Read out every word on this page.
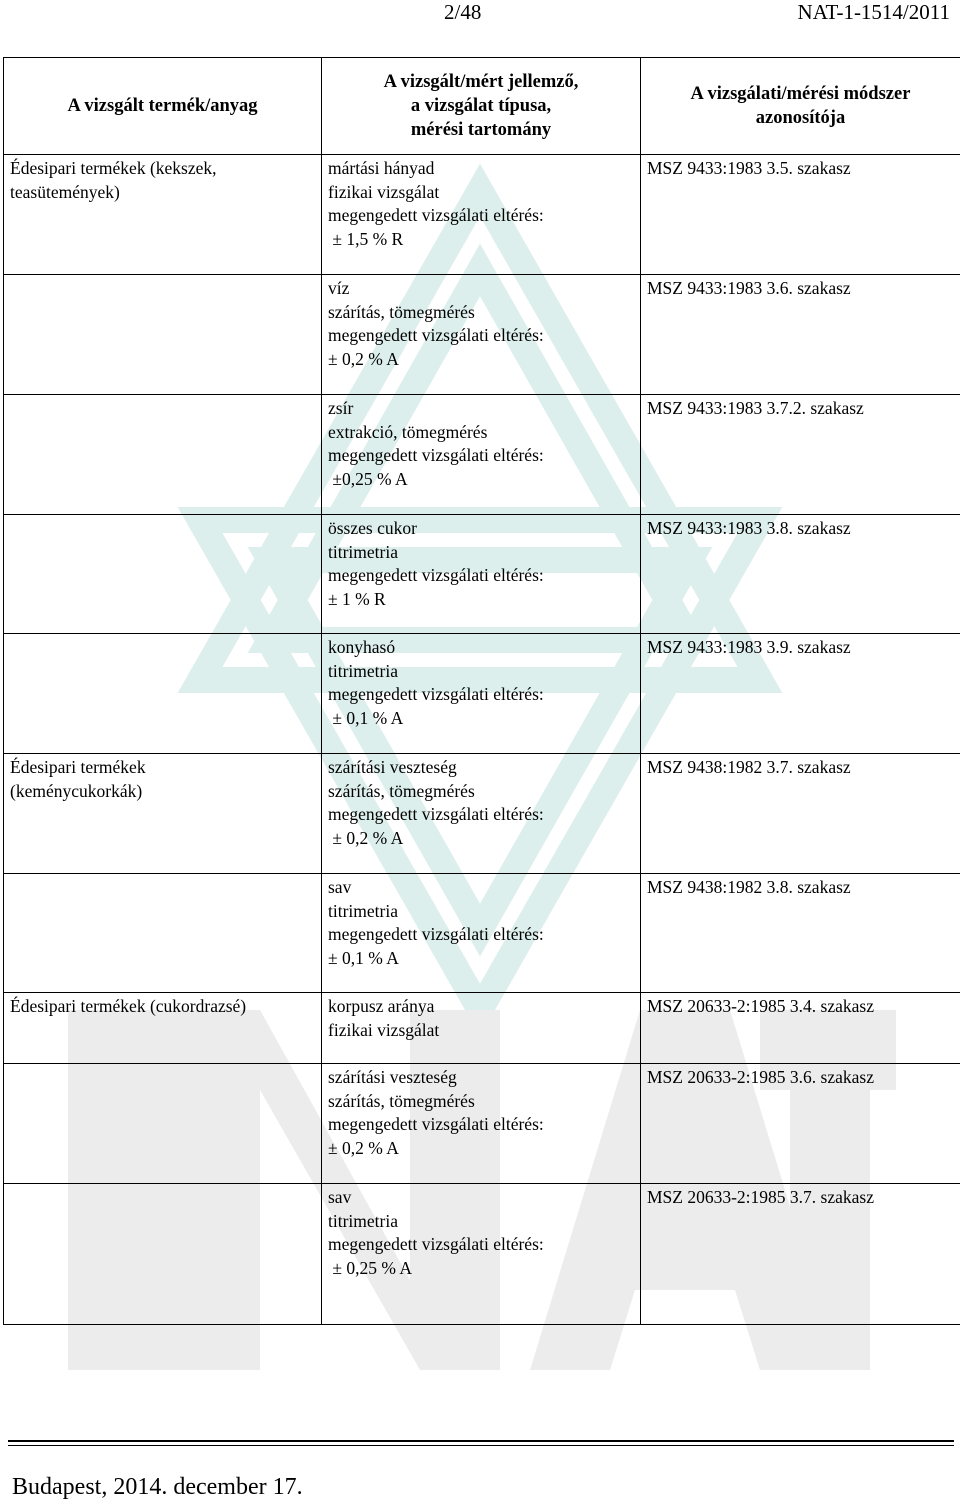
NAT
2/48	NAT-1-1514/2011
A vizsgált termék/anyag	A vizsgált/mért jellemző,
a vizsgálat típusa,
mérési tartomány	A vizsgálati/mérési módszer
azonosítója

Édesipari termékek (kekszek,
teasütemények)	mártási hányad
fizikai vizsgálat
megengedett vizsgálati eltérés:
± 1,5 % R	MSZ 9433:1983 3.5. szakasz

	víz
szárítás, tömegmérés
megengedett vizsgálati eltérés:
± 0,2 % A	MSZ 9433:1983 3.6. szakasz

	zsír
extrakció, tömegmérés
megengedett vizsgálati eltérés:
±0,25 % A	MSZ 9433:1983 3.7.2. szakasz

	összes cukor
titrimetria
megengedett vizsgálati eltérés:
± 1 % R	MSZ 9433:1983 3.8. szakasz

	konyhasó
titrimetria
megengedett vizsgálati eltérés:
± 0,1 % A	MSZ 9433:1983 3.9. szakasz

Édesipari termékek
(keménycukorkák)	szárítási veszteség
szárítás, tömegmérés
megengedett vizsgálati eltérés:
± 0,2 % A	MSZ 9438:1982 3.7. szakasz

	sav
titrimetria
megengedett vizsgálati eltérés:
± 0,1 % A	MSZ 9438:1982 3.8. szakasz

Édesipari termékek (cukordrazsé)	korpusz aránya
fizikai vizsgálat	MSZ 20633-2:1985 3.4. szakasz

	szárítási veszteség
szárítás, tömegmérés
megengedett vizsgálati eltérés:
± 0,2 % A	MSZ 20633-2:1985 3.6. szakasz

	sav
titrimetria
megengedett vizsgálati eltérés:
± 0,25 % A	MSZ 20633-2:1985 3.7. szakasz
Budapest, 2014. december 17.
